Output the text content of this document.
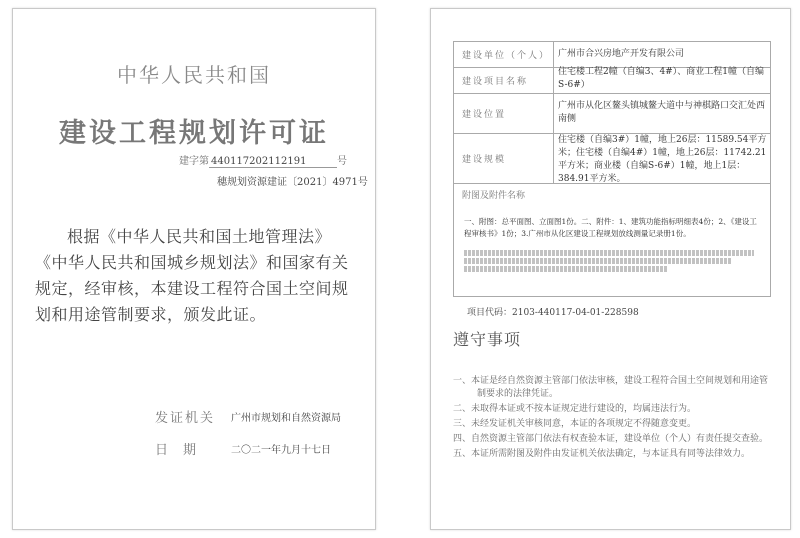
中华人民共和国
建设工程规划许可证
建字第 440117202112191	号
穗规划资源建证〔2021〕4971号
根据《中华人民共和国土地管理法》《中华人民共和国城乡规划法》和国家有关规定，经审核，本建设工程符合国土空间规划和用途管制要求，颁发此证。
发证机关 广州市规划和自然资源局
日期 二〇二一年九月十七日
建设单位（个人） 广州市合兴房地产开发有限公司
建设项目名称
住宅楼工程2幢（自编3、4#）、商业工程1幢（自编S-6#）
建设位置
广州市从化区鳌头镇城鳌大道中与神棋路口交汇处西南侧
建设规模
住宅楼（自编3#）1幢，地上26层：11589.54平方米；住宅楼（自编4#）1幢，地上26层：11742.21平方米；商业楼（自编S-6#）1幢，地上1层：384.91平方米。
附图及附件名称
一、附图：总平面图、立面图1份。二、附件：1、建筑功能指标明细表4份；2、《建设工程审核书》1份；3.广州市从化区建设工程规划放线测量记录册1份。
项目代码：2103-440117-04-01-228598
遵守事项
一、本证是经自然资源主管部门依法审核，建设工程符合国土空间规划和用途管制要求的法律凭证。
二、未取得本证或不按本证规定进行建设的，均属违法行为。
三、未经发证机关审核同意，本证的各项规定不得随意变更。
四、自然资源主管部门依法有权查验本证，建设单位（个人）有责任提交查验。
五、本证所需附图及附件由发证机关依法确定，与本证具有同等法律效力。
